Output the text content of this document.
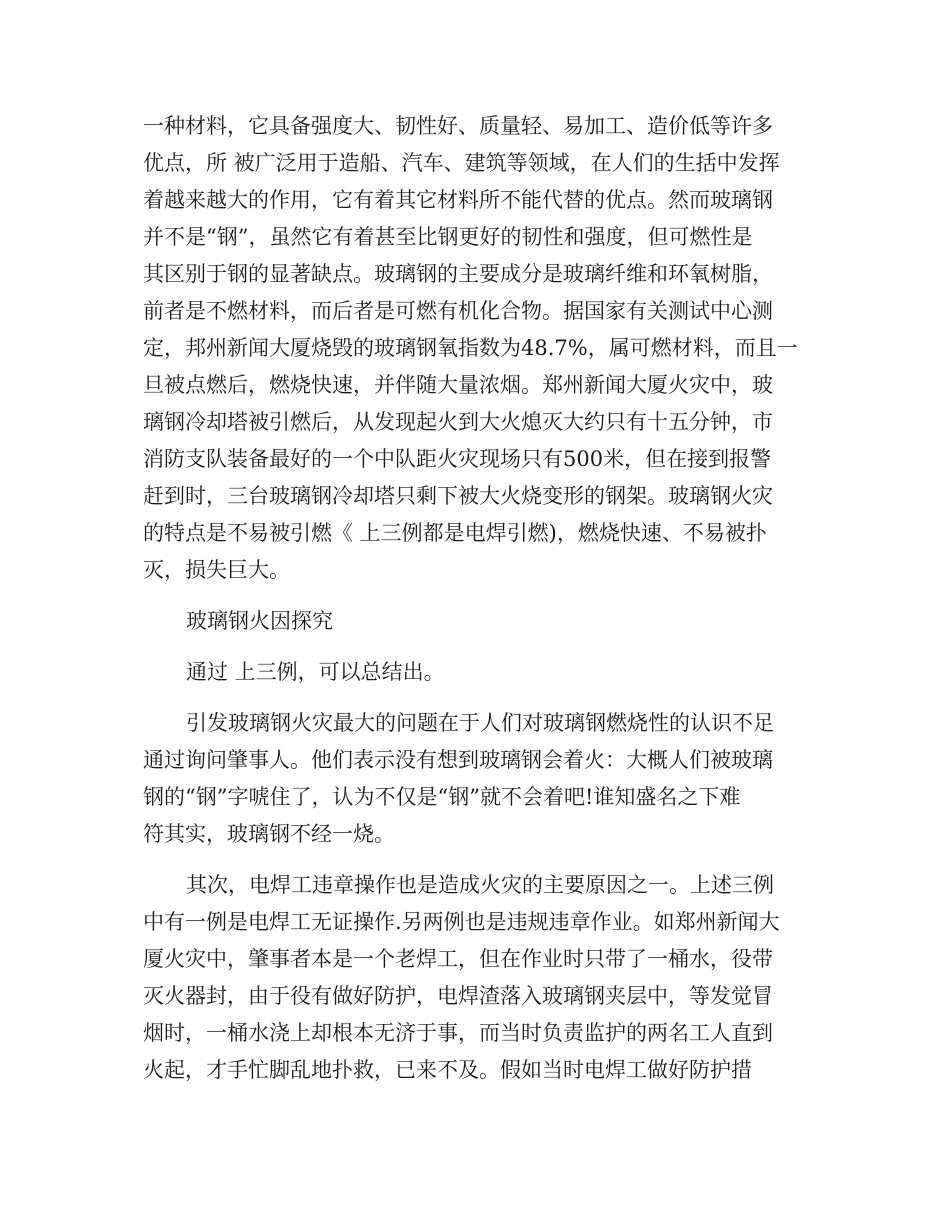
一种材料，它具备强度大、韧性好、质量轻、易加工、造价低等许多
优点，所 被广泛用于造船、汽车、建筑等领域，在人们的生括中发挥
着越来越大的作用，它有着其它材料所不能代替的优点。然而玻璃钢
并不是“钢”，虽然它有着甚至比钢更好的韧性和强度，但可燃性是
其区别于钢的显著缺点。玻璃钢的主要成分是玻璃纤维和环氧树脂，
前者是不燃材料，而后者是可燃有机化合物。据国家有关测试中心测
定，邦州新闻大厦烧毁的玻璃钢氧指数为48.7%，属可燃材料，而且一
旦被点燃后，燃烧快速，并伴随大量浓烟。郑州新闻大厦火灾中，玻
璃钢冷却塔被引燃后，从发现起火到大火熄灭大约只有十五分钟，市
消防支队装备最好的一个中队距火灾现场只有500米，但在接到报警
赶到时，三台玻璃钢冷却塔只剩下被大火烧变形的钢架。玻璃钢火灾
的特点是不易被引燃《 上三例都是电焊引燃)，燃烧快速、不易被扑
灭，损失巨大。
玻璃钢火因探究
通过 上三例，可以总结出。
引发玻璃钢火灾最大的问题在于人们对玻璃钢燃烧性的认识不足
通过询问肇事人。他们表示没有想到玻璃钢会着火：大概人们被玻璃
钢的“钢”字唬住了，认为不仅是“钢”就不会着吧!谁知盛名之下难
符其实，玻璃钢不经一烧。
其次，电焊工违章操作也是造成火灾的主要原因之一。上述三例
中有一例是电焊工无证操作.另两例也是违规违章作业。如郑州新闻大
厦火灾中，肇事者本是一个老焊工，但在作业时只带了一桶水，役带
灭火器封，由于役有做好防护，电焊渣落入玻璃钢夹层中，等发觉冒
烟时，一桶水浇上却根本无济于事，而当时负责监护的两名工人直到
火起，才手忙脚乱地扑救，已来不及。假如当时电焊工做好防护措
